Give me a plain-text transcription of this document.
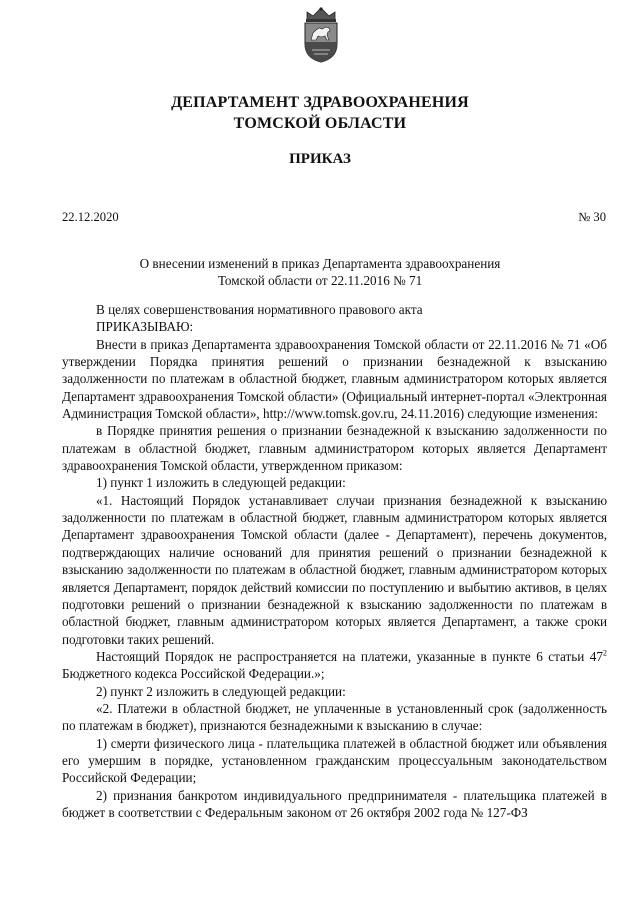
ДЕПАРТАМЕНТ ЗДРАВООХРАНЕНИЯ
ТОМСКОЙ ОБЛАСТИ
ПРИКАЗ
22.12.2020	№ 30
О внесении изменений в приказ Департамента здравоохранения
Томской области от 22.11.2016 № 71

В целях совершенствования нормативного правового акта

ПРИКАЗЫВАЮ:

Внести в приказ Департамента здравоохранения Томской области от 22.11.2016 № 71 «Об утверждении Порядка принятия решений о признании безнадежной к взысканию задолженности по платежам в областной бюджет, главным администратором которых является Департамент здравоохранения Томской области» (Официальный интернет-портал «Электронная Администрация Томской области», http://www.tomsk.gov.ru, 24.11.2016) следующие изменения:

в Порядке принятия решения о признании безнадежной к взысканию задолженности по платежам в областной бюджет, главным администратором которых является Департамент здравоохранения Томской области, утвержденном приказом:

1) пункт 1 изложить в следующей редакции:

«1. Настоящий Порядок устанавливает случаи признания безнадежной к взысканию задолженности по платежам в областной бюджет, главным администратором которых является Департамент здравоохранения Томской области (далее - Департамент), перечень документов, подтверждающих наличие оснований для принятия решений о признании безнадежной к взысканию задолженности по платежам в областной бюджет, главным администратором которых является Департамент, порядок действий комиссии по поступлению и выбытию активов, в целях подготовки решений о признании безнадежной к взысканию задолженности по платежам в областной бюджет, главным администратором которых является Департамент, а также сроки подготовки таких решений.

Настоящий Порядок не распространяется на платежи, указанные в пункте 6 статьи $47^2$ Бюджетного кодекса Российской Федерации.»;

2) пункт 2 изложить в следующей редакции:

«2. Платежи в областной бюджет, не уплаченные в установленный срок (задолженность по платежам в бюджет), признаются безнадежными к взысканию в случае:

1) смерти физического лица - плательщика платежей в областной бюджет или объявления его умершим в порядке, установленном гражданским процессуальным законодательством Российской Федерации;

2) признания банкротом индивидуального предпринимателя - плательщика платежей в бюджет в соответствии с Федеральным законом от 26 октября 2002 года № 127-ФЗ
